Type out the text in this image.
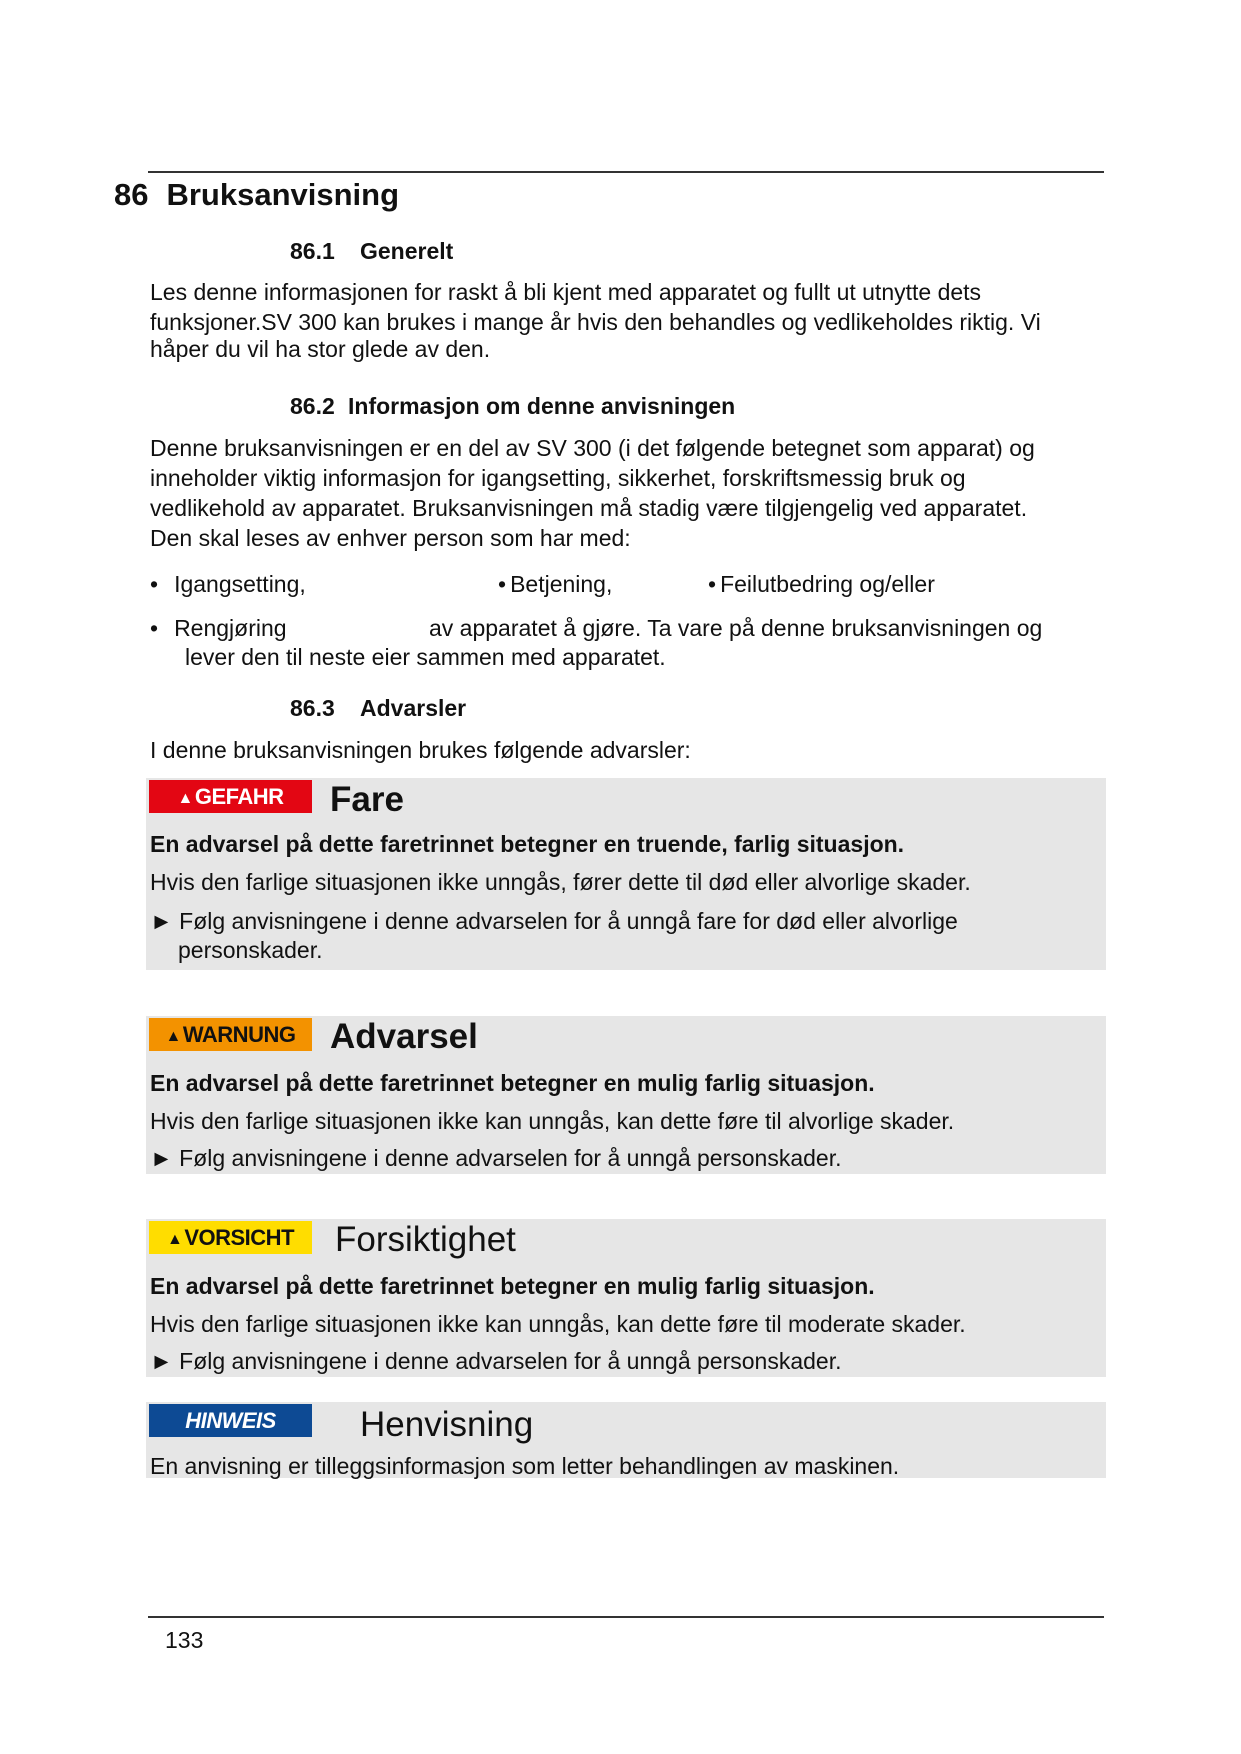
86 Bruksanvisning
86.1 Generelt
Les denne informasjonen for raskt å bli kjent med apparatet og fullt ut utnytte dets
funksjoner.SV 300 kan brukes i mange år hvis den behandles og vedlikeholdes riktig. Vi
håper du vil ha stor glede av den.
86.2 Informasjon om denne anvisningen
Denne bruksanvisningen er en del av SV 300 (i det følgende betegnet som apparat) og
inneholder viktig informasjon for igangsetting, sikkerhet, forskriftsmessig bruk og
vedlikehold av apparatet. Bruksanvisningen må stadig være tilgjengelig ved apparatet.
Den skal leses av enhver person som har med:
• Igangsetting,	• Betjening,	• Feilutbedring og/eller
• Rengjøring	av apparatet å gjøre. Ta vare på denne bruksanvisningen og
lever den til neste eier sammen med apparatet.
86.3 Advarsler
I denne bruksanvisningen brukes følgende advarsler:
▲GEFAHR	Fare
En advarsel på dette faretrinnet betegner en truende, farlig situasjon.
Hvis den farlige situasjonen ikke unngås, fører dette til død eller alvorlige skader.
► Følg anvisningene i denne advarselen for å unngå fare for død eller alvorlige
personskader.
▲WARNUNG Advarsel
En advarsel på dette faretrinnet betegner en mulig farlig situasjon.
Hvis den farlige situasjonen ikke kan unngås, kan dette føre til alvorlige skader.
► Følg anvisningene i denne advarselen for å unngå personskader.
▲VORSICHT	Forsiktighet
En advarsel på dette faretrinnet betegner en mulig farlig situasjon.
Hvis den farlige situasjonen ikke kan unngås, kan dette føre til moderate skader.
► Følg anvisningene i denne advarselen for å unngå personskader.
HINWEIS	Henvisning
En anvisning er tilleggsinformasjon som letter behandlingen av maskinen.
133
